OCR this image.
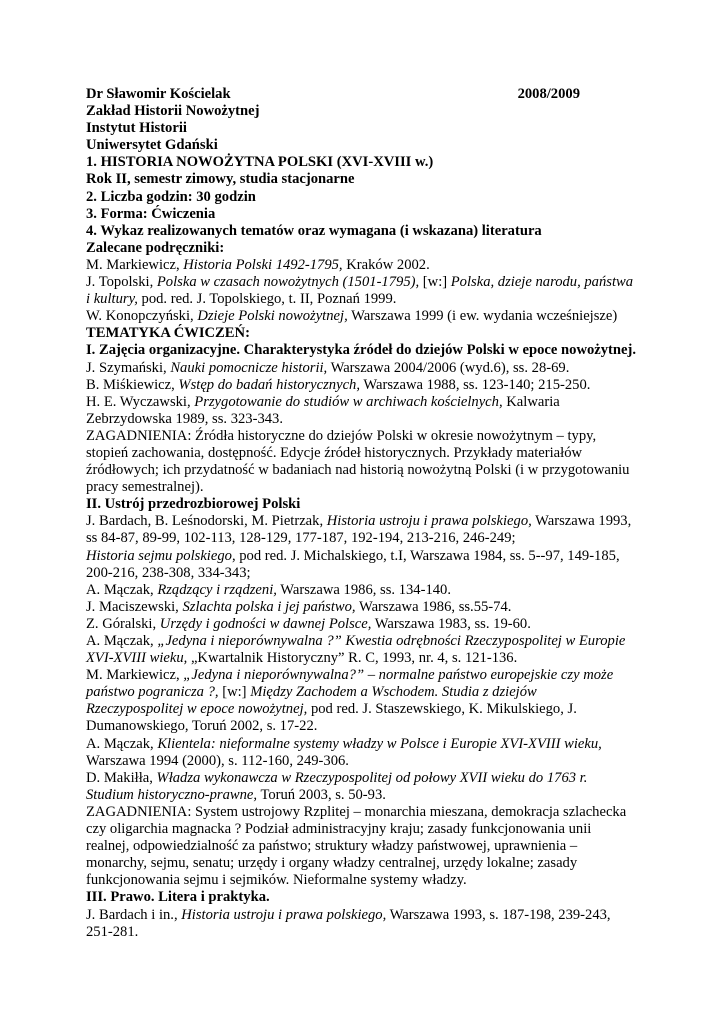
Dr Sławomir Kościelak	2008/2009
Zakład Historii Nowożytnej
Instytut Historii
Uniwersytet Gdański
1. HISTORIA NOWOŻYTNA POLSKI (XVI-XVIII w.)
Rok II, semestr zimowy, studia stacjonarne
2. Liczba godzin: 30 godzin
3. Forma: Ćwiczenia
4. Wykaz realizowanych tematów oraz wymagana (i wskazana) literatura
Zalecane podręczniki:
M. Markiewicz, Historia Polski 1492-1795, Kraków 2002.
J. Topolski, Polska w czasach nowożytnych (1501-1795), [w:] Polska, dzieje narodu, państwa
i kultury, pod. red. J. Topolskiego, t. II, Poznań 1999.
W. Konopczyński, Dzieje Polski nowożytnej, Warszawa 1999 (i ew. wydania wcześniejsze)
TEMATYKA ĆWICZEŃ:
I. Zajęcia organizacyjne. Charakterystyka źródeł do dziejów Polski w epoce nowożytnej.
J. Szymański, Nauki pomocnicze historii, Warszawa 2004/2006 (wyd.6), ss. 28-69.
B. Miśkiewicz, Wstęp do badań historycznych, Warszawa 1988, ss. 123-140; 215-250.
H. E. Wyczawski, Przygotowanie do studiów w archiwach kościelnych, Kalwaria
Zebrzydowska 1989, ss. 323-343.
ZAGADNIENIA: Źródła historyczne do dziejów Polski w okresie nowożytnym – typy,
stopień zachowania, dostępność. Edycje źródeł historycznych. Przykłady materiałów
źródłowych; ich przydatność w badaniach nad historią nowożytną Polski (i w przygotowaniu
pracy semestralnej).
II. Ustrój przedrozbiorowej Polski
J. Bardach, B. Leśnodorski, M. Pietrzak, Historia ustroju i prawa polskiego, Warszawa 1993,
ss 84-87, 89-99, 102-113, 128-129, 177-187, 192-194, 213-216, 246-249;
Historia sejmu polskiego, pod red. J. Michalskiego, t.I, Warszawa 1984, ss. 5--97, 149-185,
200-216, 238-308, 334-343;
A. Mączak, Rządzący i rządzeni, Warszawa 1986, ss. 134-140.
J. Maciszewski, Szlachta polska i jej państwo, Warszawa 1986, ss.55-74.
Z. Góralski, Urzędy i godności w dawnej Polsce, Warszawa 1983, ss. 19-60.
A. Mączak, „Jedyna i nieporównywalna ?” Kwestia odrębności Rzeczypospolitej w Europie
XVI-XVIII wieku, „Kwartalnik Historyczny” R. C, 1993, nr. 4, s. 121-136.
M. Markiewicz, „Jedyna i nieporównywalna?” – normalne państwo europejskie czy może
państwo pogranicza ?, [w:] Między Zachodem a Wschodem. Studia z dziejów
Rzeczypospolitej w epoce nowożytnej, pod red. J. Staszewskiego, K. Mikulskiego, J.
Dumanowskiego, Toruń 2002, s. 17-22.
A. Mączak, Klientela: nieformalne systemy władzy w Polsce i Europie XVI-XVIII wieku,
Warszawa 1994 (2000), s. 112-160, 249-306.
D. Makiłła, Władza wykonawcza w Rzeczypospolitej od połowy XVII wieku do 1763 r.
Studium historyczno-prawne, Toruń 2003, s. 50-93.
ZAGADNIENIA: System ustrojowy Rzplitej – monarchia mieszana, demokracja szlachecka
czy oligarchia magnacka ? Podział administracyjny kraju; zasady funkcjonowania unii
realnej, odpowiedzialność za państwo; struktury władzy państwowej, uprawnienia –
monarchy, sejmu, senatu; urzędy i organy władzy centralnej, urzędy lokalne; zasady
funkcjonowania sejmu i sejmików. Nieformalne systemy władzy.
III. Prawo. Litera i praktyka.
J. Bardach i in., Historia ustroju i prawa polskiego, Warszawa 1993, s. 187-198, 239-243,
251-281.
